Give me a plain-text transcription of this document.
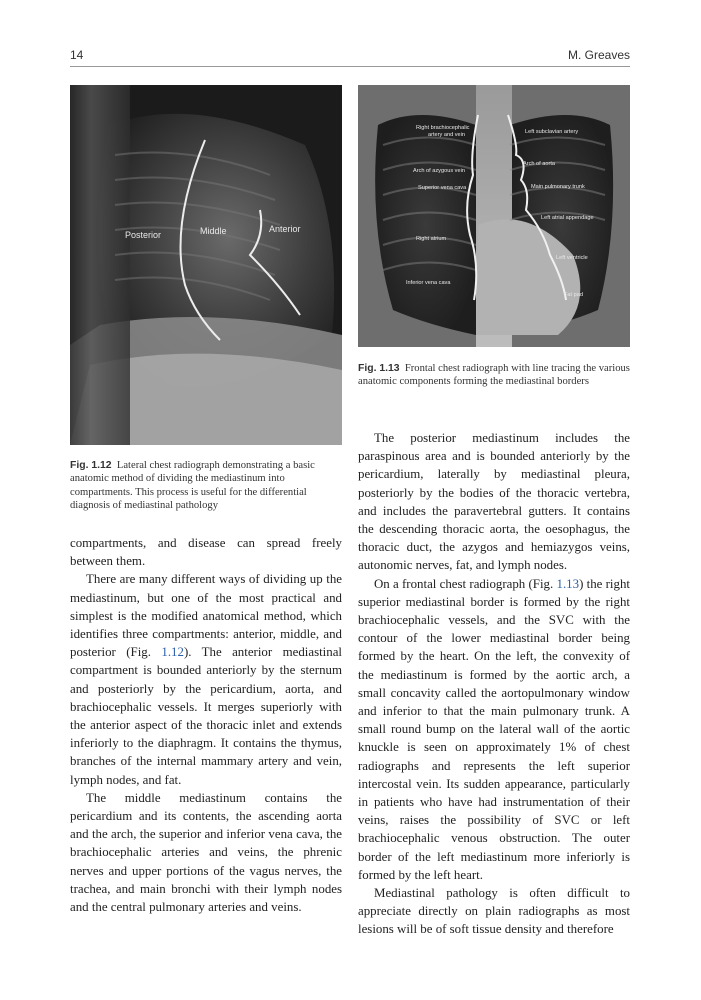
14	M. Greaves
Posterior	Middle	Anterior
Fig. 1.12 Lateral chest radiograph demonstrating a basic anatomic method of dividing the mediastinum into compartments. This process is useful for the differential diagnosis of mediastinal pathology
Right brachiocephalic
artery and vein
Arch of azygous vein
Superior vena cava
Right atrium
Inferior vena cava
Left subclavian artery
Arch of aorta
Main pulmonary trunk
Left atrial appendage
Left ventricle
Fat pad
Fig. 1.13 Frontal chest radiograph with line tracing the various anatomic components forming the mediastinal borders

compartments, and disease can spread freely between them.

There are many different ways of dividing up the mediastinum, but one of the most practical and simplest is the modified anatomical method, which identifies three compartments: anterior, middle, and posterior (Fig. 1.12). The anterior mediastinal compartment is bounded anteriorly by the sternum and posteriorly by the pericardium, aorta, and brachiocephalic vessels. It merges superiorly with the anterior aspect of the thoracic inlet and extends inferiorly to the diaphragm. It contains the thymus, branches of the internal mammary artery and vein, lymph nodes, and fat.

The middle mediastinum contains the pericardium and its contents, the ascending aorta and the arch, the superior and inferior vena cava, the brachiocephalic arteries and veins, the phrenic nerves and upper portions of the vagus nerves, the trachea, and main bronchi with their lymph nodes and the central pulmonary arteries and veins.

The posterior mediastinum includes the paraspinous area and is bounded anteriorly by the pericardium, laterally by mediastinal pleura, posteriorly by the bodies of the thoracic vertebra, and includes the paravertebral gutters. It contains the descending thoracic aorta, the oesophagus, the thoracic duct, the azygos and hemiazygos veins, autonomic nerves, fat, and lymph nodes.

On a frontal chest radiograph (Fig. 1.13) the right superior mediastinal border is formed by the right brachiocephalic vessels, and the SVC with the contour of the lower mediastinal border being formed by the heart. On the left, the convexity of the mediastinum is formed by the aortic arch, a small concavity called the aortopulmonary window and inferior to that the main pulmonary trunk. A small round bump on the lateral wall of the aortic knuckle is seen on approximately 1% of chest radiographs and represents the left superior intercostal vein. Its sudden appearance, particularly in patients who have had instrumentation of their veins, raises the possibility of SVC or left brachiocephalic venous obstruction. The outer border of the left mediastinum more inferiorly is formed by the left heart.

Mediastinal pathology is often difficult to appreciate directly on plain radiographs as most lesions will be of soft tissue density and therefore
